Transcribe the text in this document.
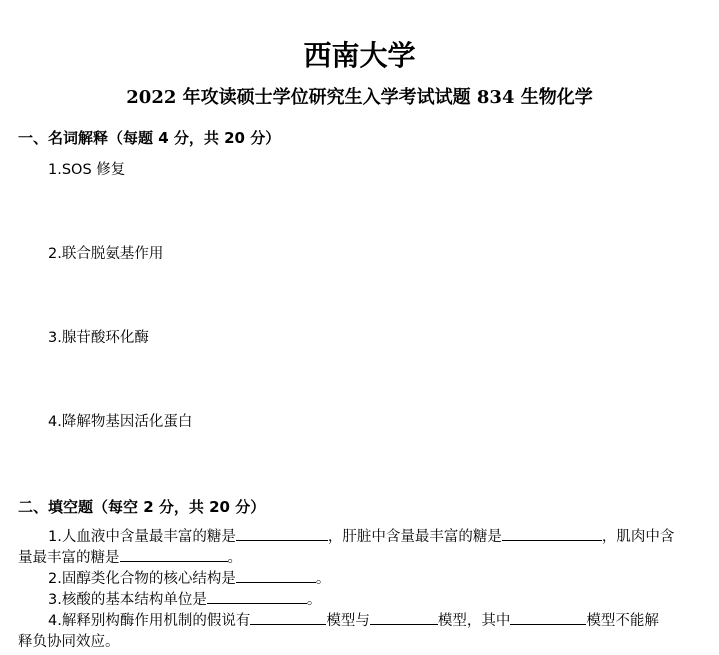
西南大学
2022 年攻读硕士学位研究生入学考试试题 834 生物化学
一、名词解释（每题 4 分，共 20 分）
1.SOS 修复
2.联合脱氨基作用
3.腺苷酸环化酶
4.降解物基因活化蛋白
二、填空题（每空 2 分，共 20 分）
1.人血液中含量最丰富的糖是	，肝脏中含量最丰富的糖是	，肌肉中含
量最丰富的糖是	。
2.固醇类化合物的核心结构是	。
3.核酸的基本结构单位是	。
4.解释别构酶作用机制的假说有	模型与	模型，其中	模型不能解
释负协同效应。
